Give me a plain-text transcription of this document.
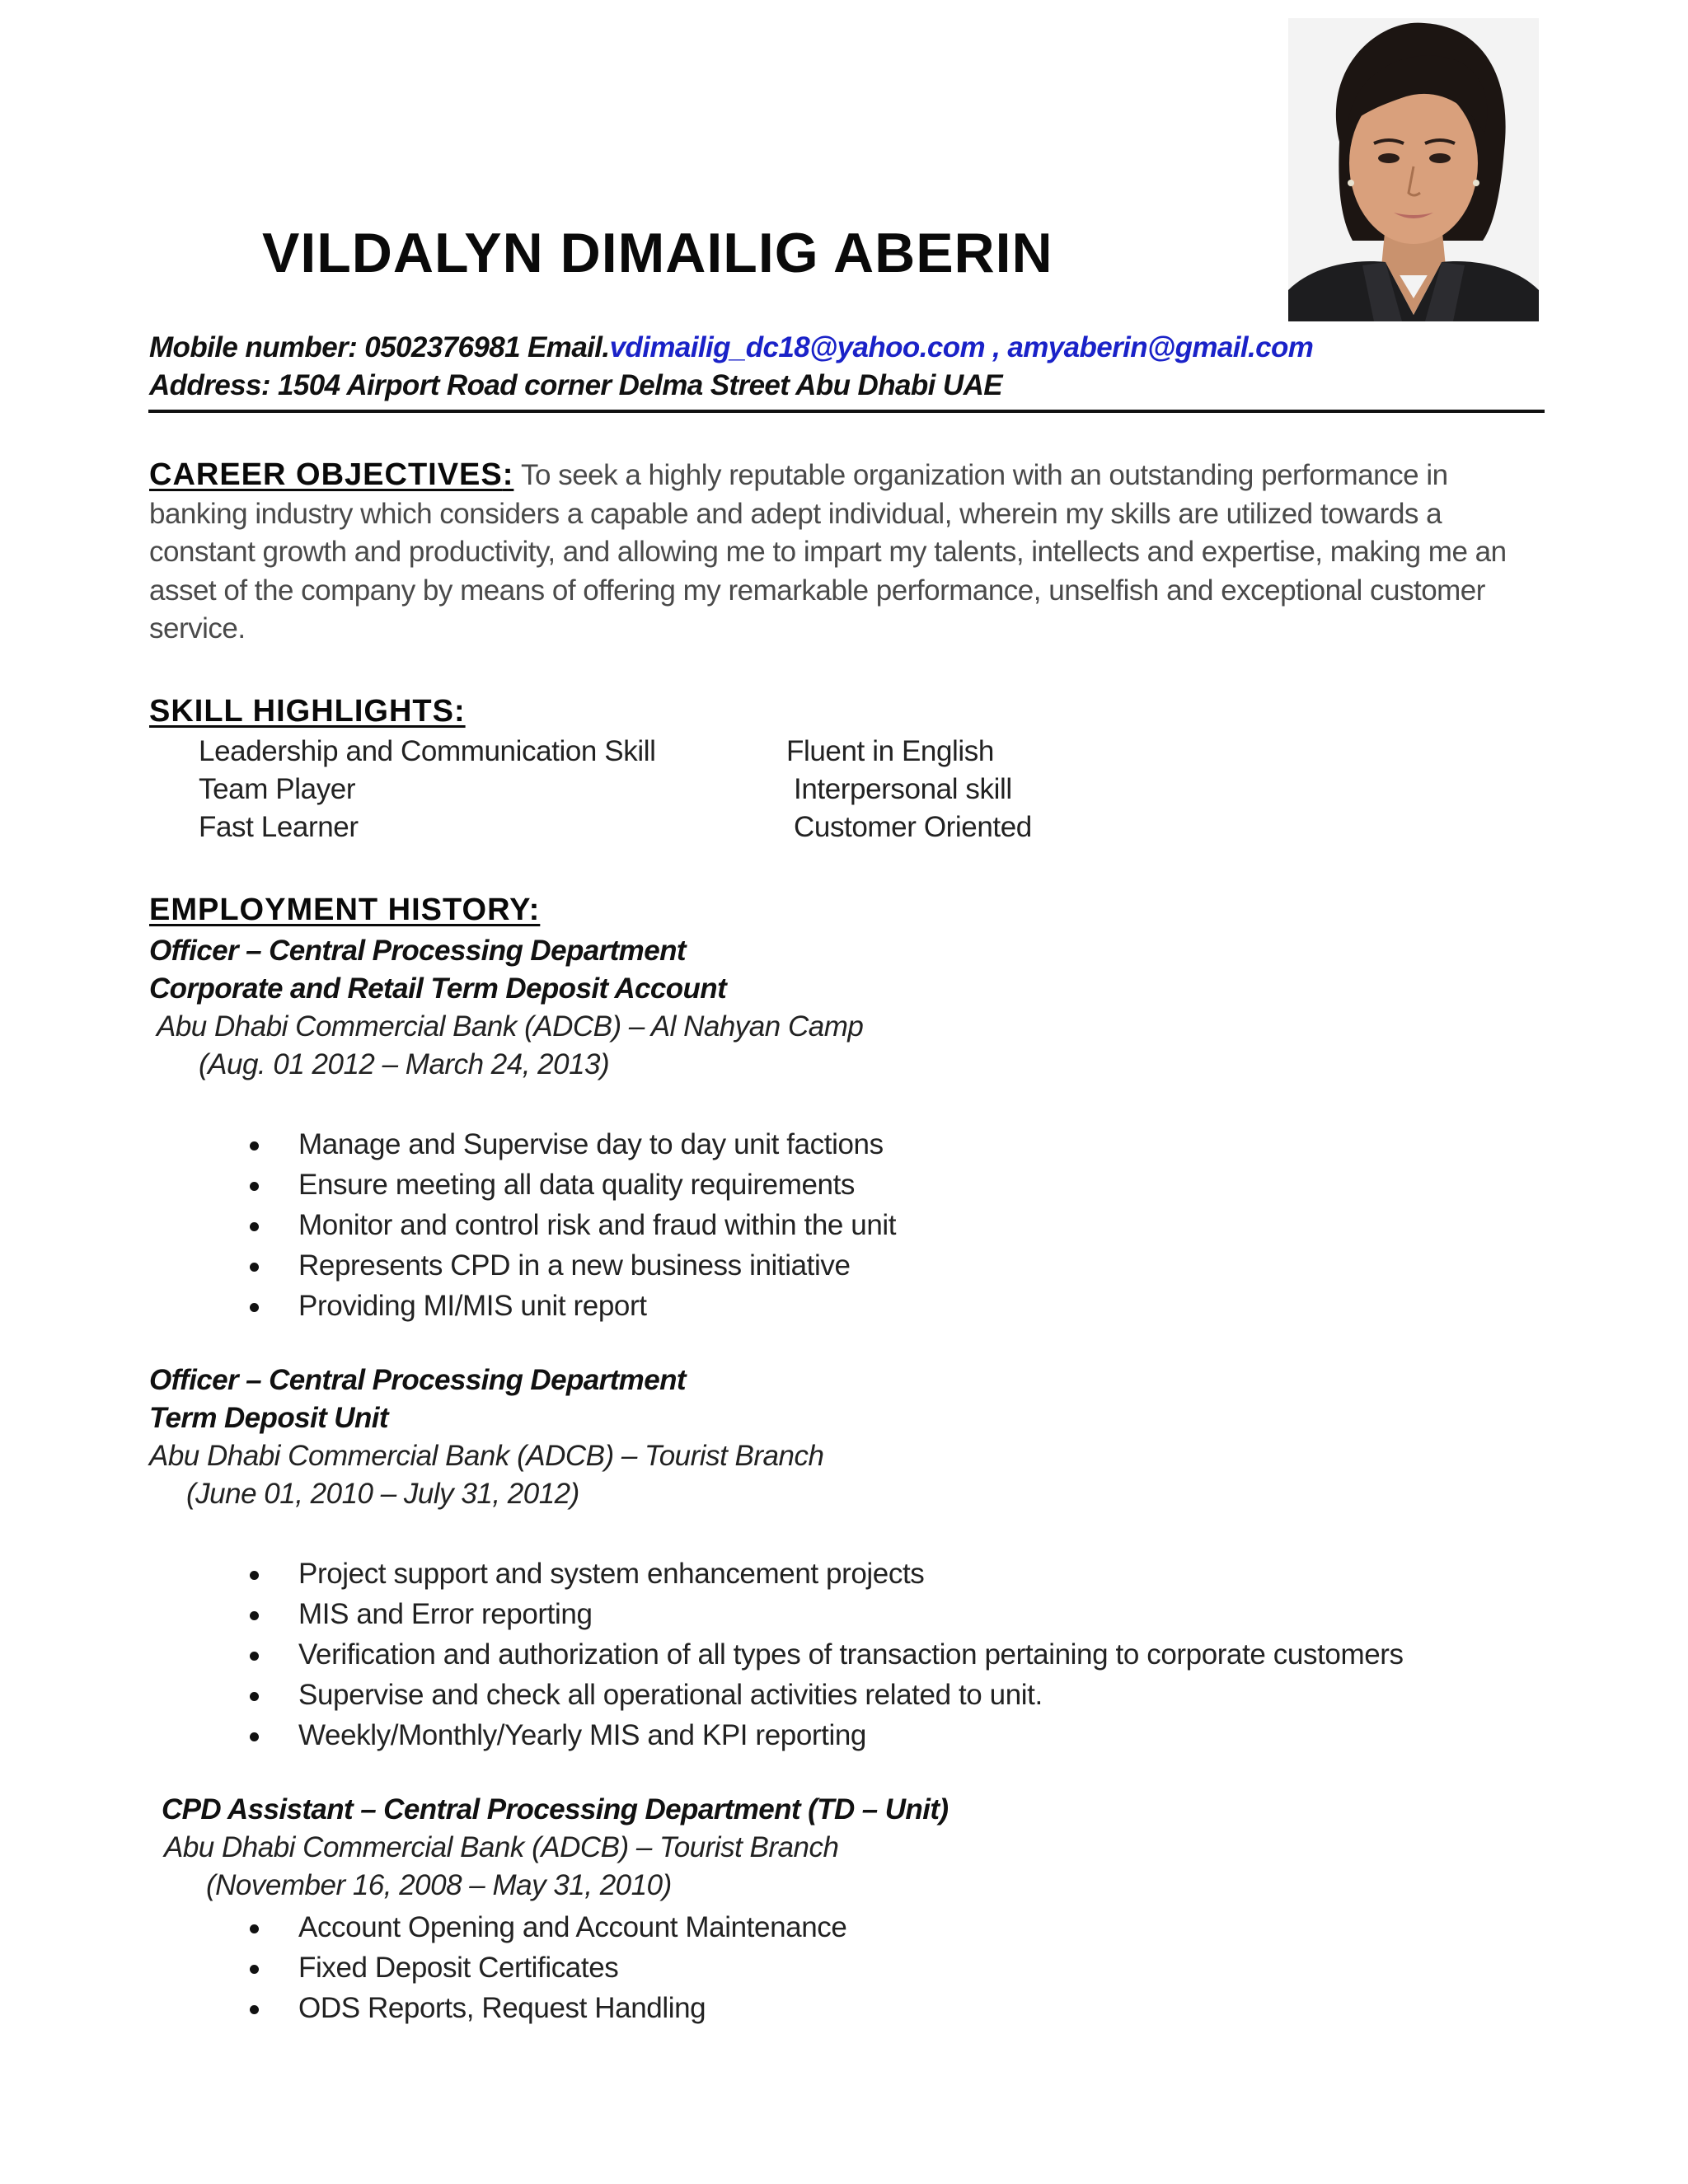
VILDALYN DIMAILIG ABERIN
Mobile number: 0502376981 Email.vdimailig_dc18@yahoo.com , amyaberin@gmail.com
Address: 1504 Airport Road corner Delma Street Abu Dhabi UAE
CAREER OBJECTIVES: To seek a highly reputable organization with an outstanding performance in
banking industry which considers a capable and adept individual, wherein my skills are utilized towards a
constant growth and productivity, and allowing me to impart my talents, intellects and expertise, making me an
asset of the company by means of offering my remarkable performance, unselfish and exceptional customer
service.
SKILL HIGHLIGHTS:
Leadership and Communication Skill
Team Player
Fast Learner
Fluent in English
Interpersonal skill
Customer Oriented
EMPLOYMENT HISTORY:
Officer – Central Processing Department
Corporate and Retail Term Deposit Account
Abu Dhabi Commercial Bank (ADCB) – Al Nahyan Camp
(Aug. 01 2012 – March 24, 2013)
Manage and Supervise day to day unit factions
Ensure meeting all data quality requirements
Monitor and control risk and fraud within the unit
Represents CPD in a new business initiative
Providing MI/MIS unit report
Officer – Central Processing Department
Term Deposit Unit
Abu Dhabi Commercial Bank (ADCB) – Tourist Branch
(June 01, 2010 – July 31, 2012)
Project support and system enhancement projects
MIS and Error reporting
Verification and authorization of all types of transaction pertaining to corporate customers
Supervise and check all operational activities related to unit.
Weekly/Monthly/Yearly MIS and KPI reporting
CPD Assistant – Central Processing Department (TD – Unit)
Abu Dhabi Commercial Bank (ADCB) – Tourist Branch
(November 16, 2008 – May 31, 2010)
Account Opening and Account Maintenance
Fixed Deposit Certificates
ODS Reports, Request Handling
